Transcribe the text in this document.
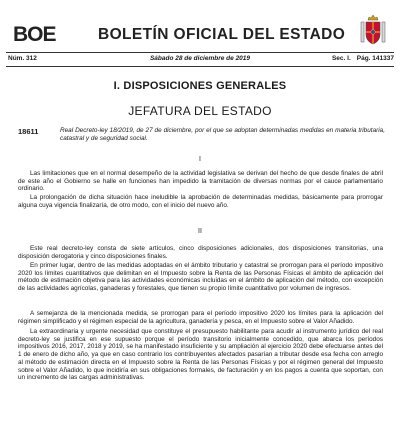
BOE	BOLETÍN OFICIAL DEL ESTADO
Núm. 312	Sábado 28 de diciembre de 2019	Sec. I. Pág. 141337
I. DISPOSICIONES GENERALES
JEFATURA DEL ESTADO
18611	Real Decreto-ley 18/2019, de 27 de diciembre, por el que se adoptan determinadas medidas en materia tributaria, catastral y de seguridad social.
I
Las limitaciones que en el normal desempeño de la actividad legislativa se derivan del hecho de que desde finales de abril de este año el Gobierno se halle en funciones han impedido la tramitación de diversas normas por el cauce parlamentario ordinario.
La prolongación de dicha situación hace ineludible la aprobación de determinadas medidas, básicamente para prorrogar alguna cuya vigencia finalizaría, de otro modo, con el inicio del nuevo año.
II
Este real decreto-ley consta de siete artículos, cinco disposiciones adicionales, dos disposiciones transitorias, una disposición derogatoria y cinco disposiciones finales.
En primer lugar, dentro de las medidas adoptadas en el ámbito tributario y catastral se prorrogan para el período impositivo 2020 los límites cuantitativos que delimitan en el Impuesto sobre la Renta de las Personas Físicas el ámbito de aplicación del método de estimación objetiva para las actividades económicas incluidas en el ámbito de aplicación del método, con excepción de las actividades agrícolas, ganaderas y forestales, que tienen su propio límite cuantitativo por volumen de ingresos.
A semejanza de la mencionada medida, se prorrogan para el período impositivo 2020 los límites para la aplicación del régimen simplificado y el régimen especial de la agricultura, ganadería y pesca, en el Impuesto sobre el Valor Añadido.
La extraordinaria y urgente necesidad que constituye el presupuesto habilitante para acudir al instrumento jurídico del real decreto-ley se justifica en ese supuesto porque el período transitorio inicialmente concedido, que abarca los períodos impositivos 2016, 2017, 2018 y 2019, se ha manifestado insuficiente y su ampliación al ejercicio 2020 debe efectuarse antes del 1 de enero de dicho año, ya que en caso contrario los contribuyentes afectados pasarían a tributar desde esa fecha con arreglo al método de estimación directa en el Impuesto sobre la Renta de las Personas Físicas y por el régimen general del Impuesto sobre el Valor Añadido, lo que incidiría en sus obligaciones formales, de facturación y en los pagos a cuenta que soportan, con un incremento de las cargas administrativas.
